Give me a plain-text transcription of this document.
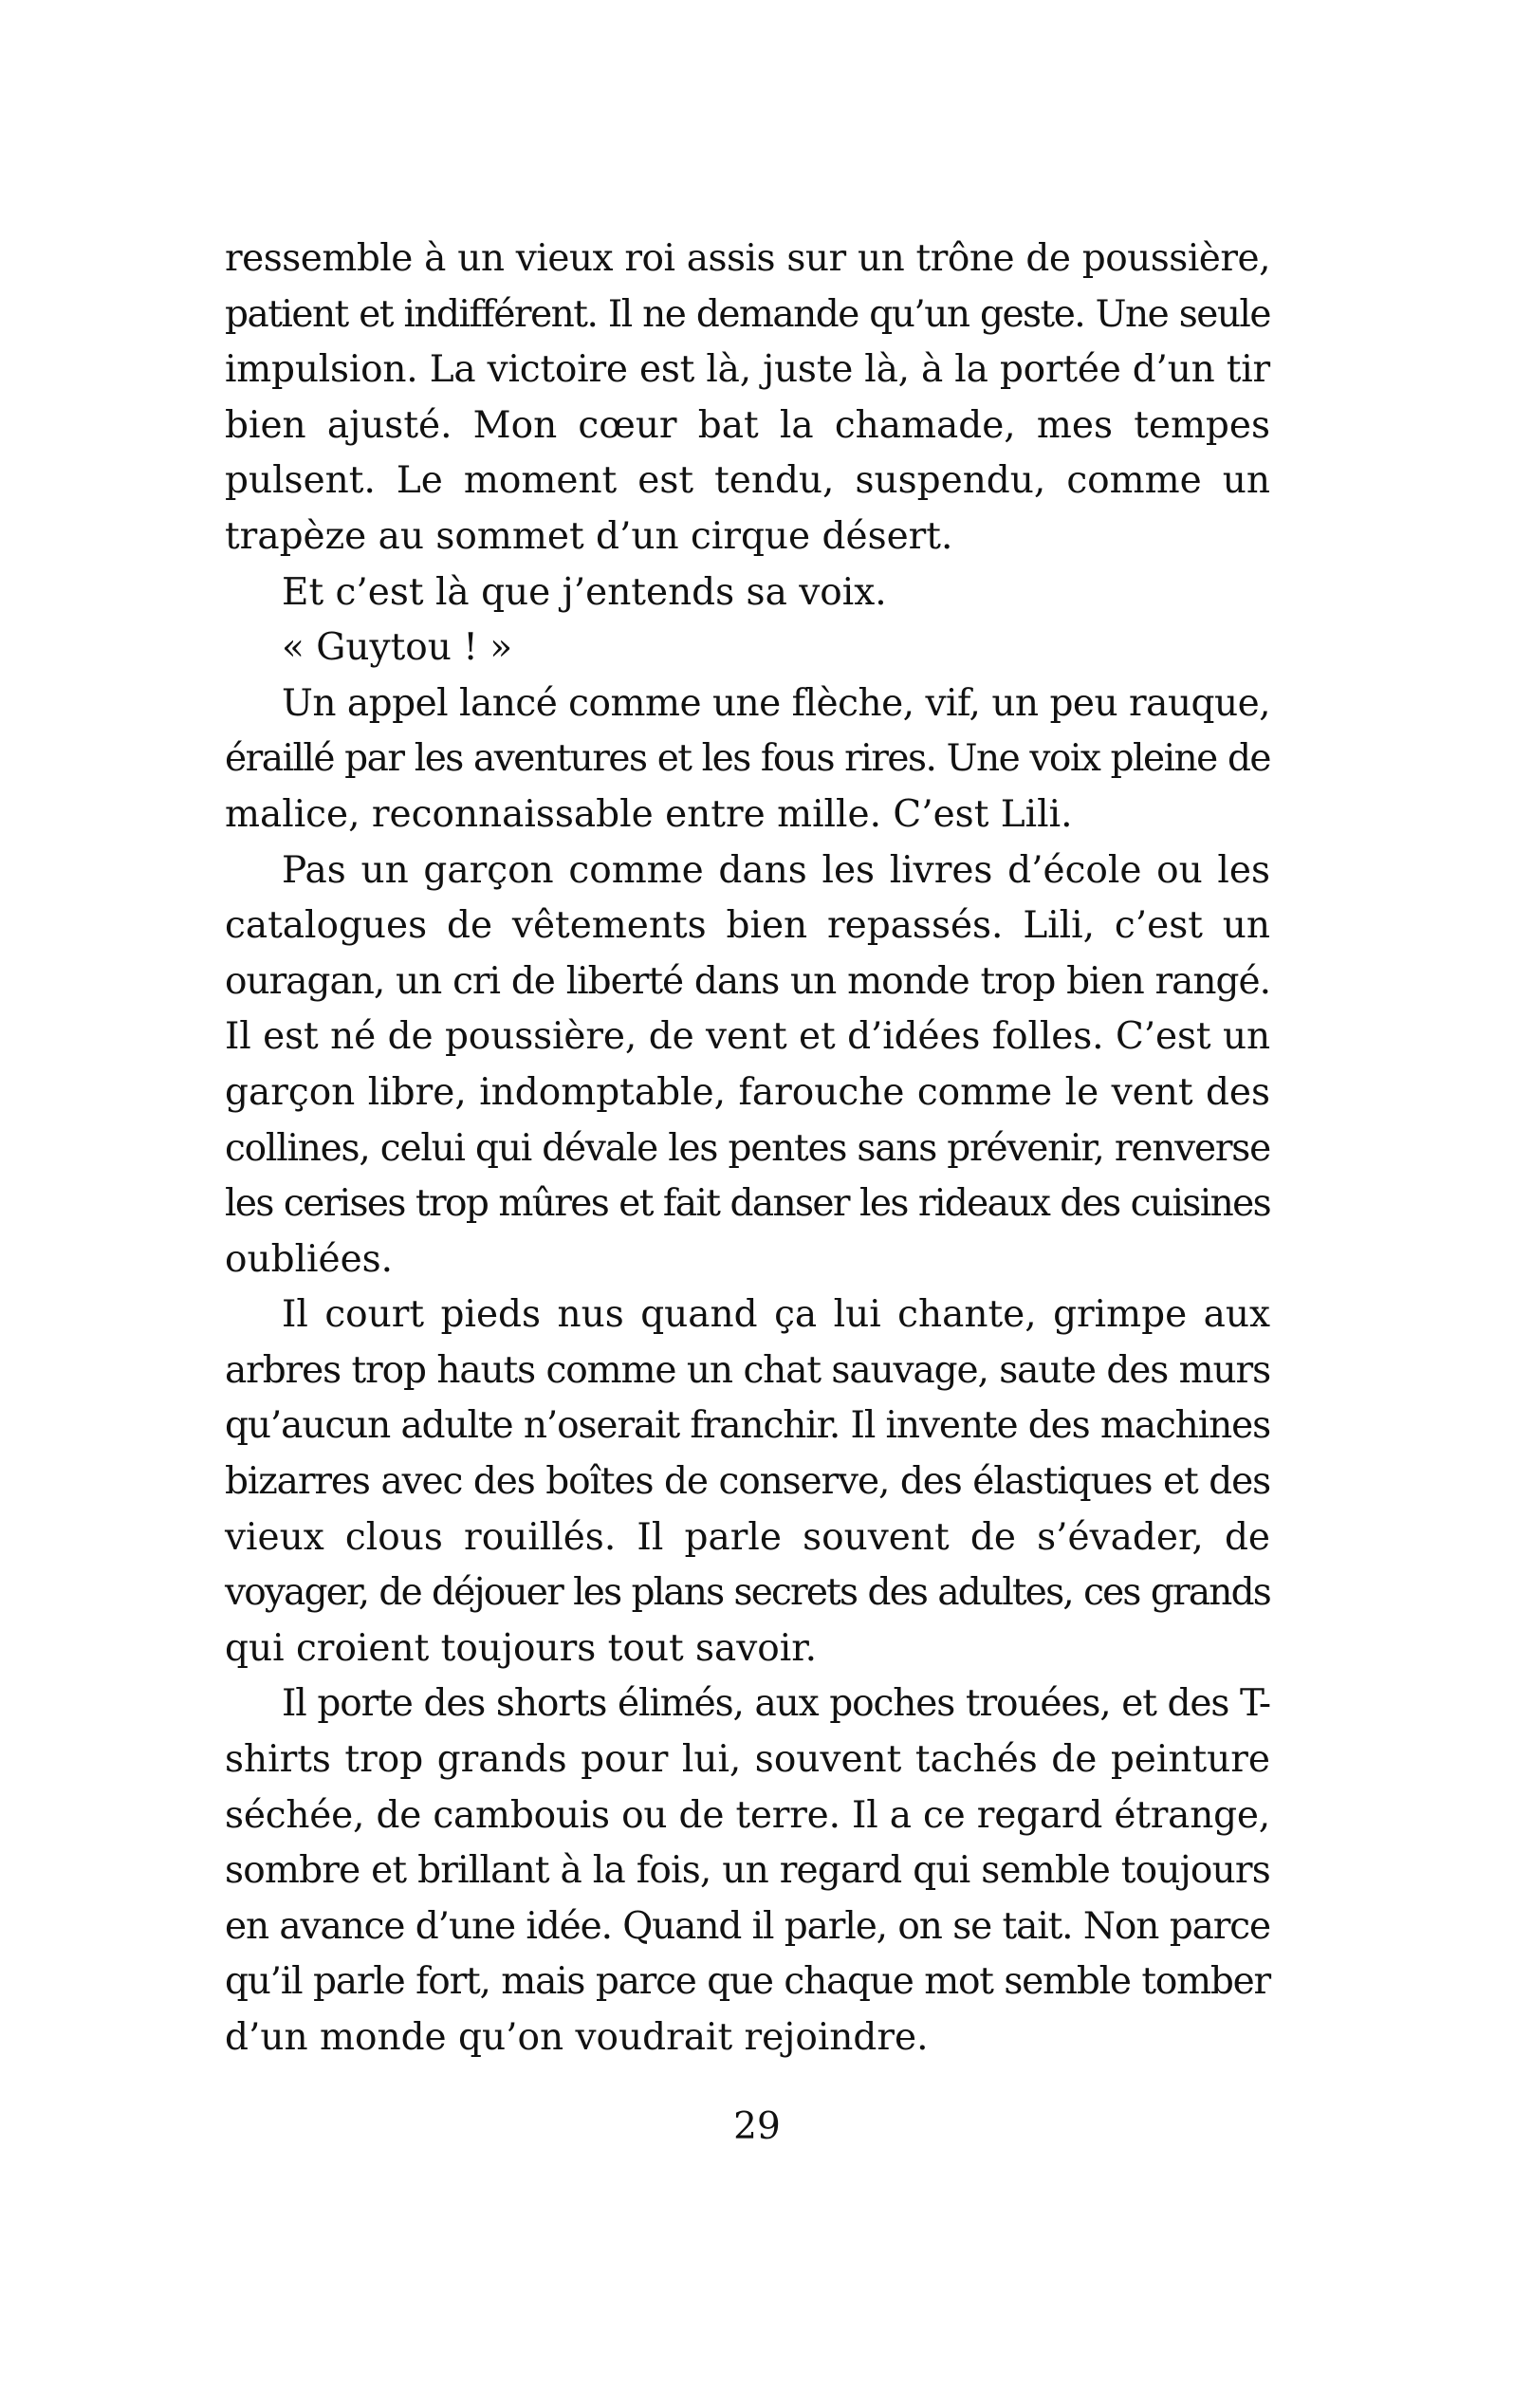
ressemble à un vieux roi assis sur un trône de poussière,
patient et indifférent. Il ne demande qu’un geste. Une seule
impulsion. La victoire est là, juste là, à la portée d’un tir
bien ajusté. Mon cœur bat la chamade, mes tempes
pulsent. Le moment est tendu, suspendu, comme un
trapèze au sommet d’un cirque désert.
Et c’est là que j’entends sa voix.
« Guytou ! »
Un appel lancé comme une flèche, vif, un peu rauque,
éraillé par les aventures et les fous rires. Une voix pleine de
malice, reconnaissable entre mille. C’est Lili.
Pas un garçon comme dans les livres d’école ou les
catalogues de vêtements bien repassés. Lili, c’est un
ouragan, un cri de liberté dans un monde trop bien rangé.
Il est né de poussière, de vent et d’idées folles. C’est un
garçon libre, indomptable, farouche comme le vent des
collines, celui qui dévale les pentes sans prévenir, renverse
les cerises trop mûres et fait danser les rideaux des cuisines
oubliées.
Il court pieds nus quand ça lui chante, grimpe aux
arbres trop hauts comme un chat sauvage, saute des murs
qu’aucun adulte n’oserait franchir. Il invente des machines
bizarres avec des boîtes de conserve, des élastiques et des
vieux clous rouillés. Il parle souvent de s’évader, de
voyager, de déjouer les plans secrets des adultes, ces grands
qui croient toujours tout savoir.
Il porte des shorts élimés, aux poches trouées, et des T-
shirts trop grands pour lui, souvent tachés de peinture
séchée, de cambouis ou de terre. Il a ce regard étrange,
sombre et brillant à la fois, un regard qui semble toujours
en avance d’une idée. Quand il parle, on se tait. Non parce
qu’il parle fort, mais parce que chaque mot semble tomber
d’un monde qu’on voudrait rejoindre.
29
